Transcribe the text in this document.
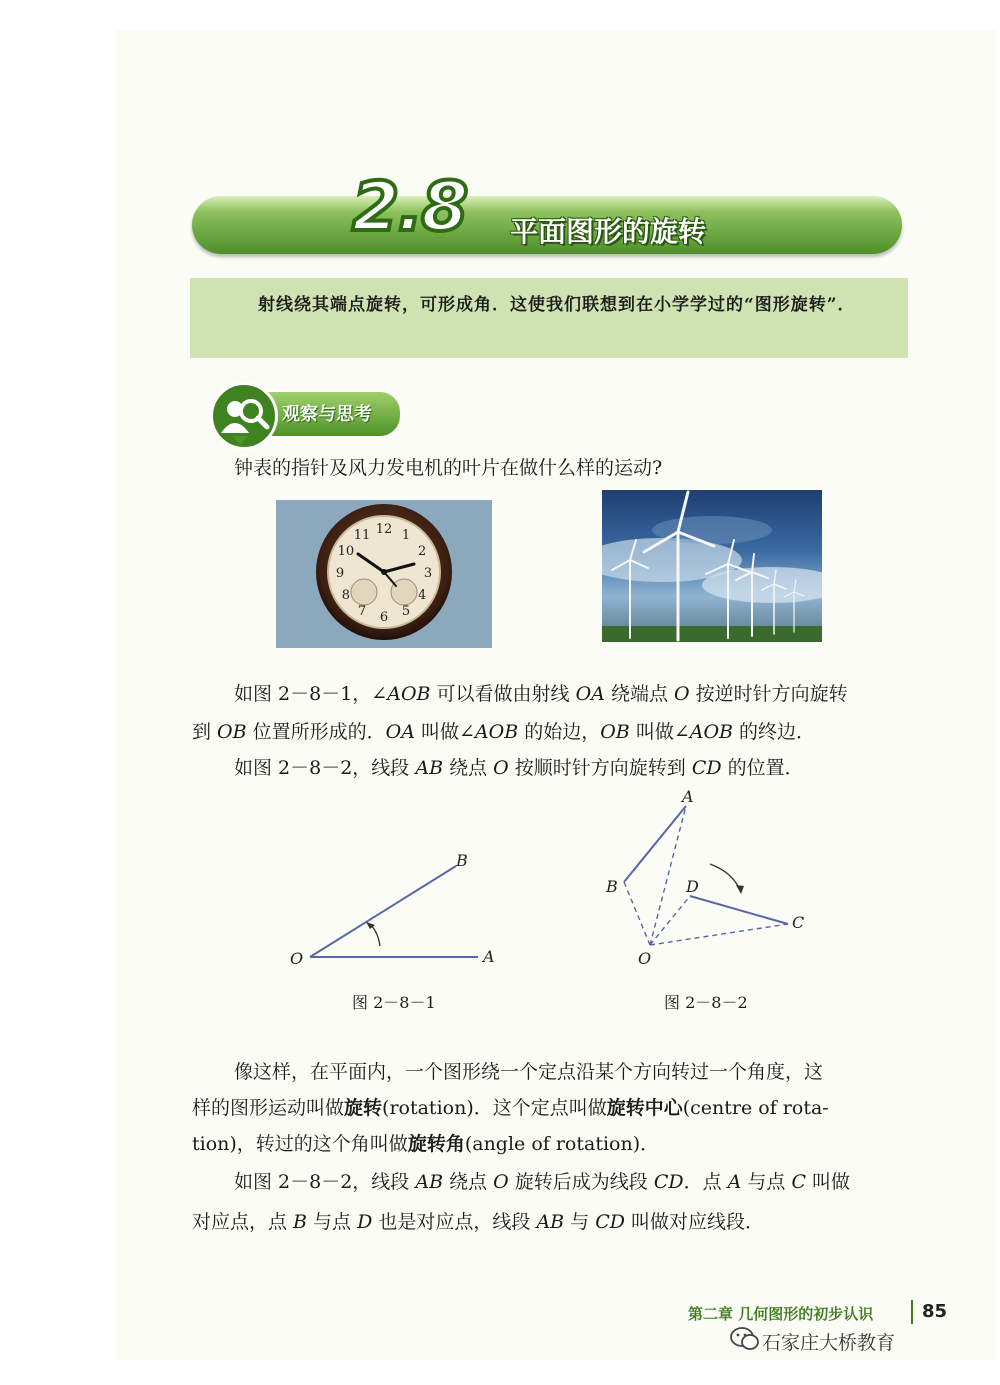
2.8 平面图形的旋转
射线绕其端点旋转，可形成角．这使我们联想到在小学学过的“图形旋转”．
观察与思考
钟表的指针及风力发电机的叶片在做什么样的运动?
12 1
2
3
4
5
6
7
8
9
10
11
如图 2－8－1，∠AOB 可以看做由射线 OA 绕端点 O 按逆时针方向旋转
到 OB 位置所形成的．OA 叫做∠AOB 的始边，OB 叫做∠AOB 的终边．
如图 2－8－2，线段 AB 绕点 O 按顺时针方向旋转到 CD 的位置．
B
O	A
图 2－8－1
A
B	D
C
O
图 2－8－2
像这样，在平面内，一个图形绕一个定点沿某个方向转过一个角度，这
样的图形运动叫做旋转(rotation)．这个定点叫做旋转中心(centre of rota-
tion)，转过的这个角叫做旋转角(angle of rotation)．
如图 2－8－2，线段 AB 绕点 O 旋转后成为线段 CD．点 A 与点 C 叫做
对应点，点 B 与点 D 也是对应点，线段 AB 与 CD 叫做对应线段．
第二章 几何图形的初步认识	85
石家庄大桥教育
